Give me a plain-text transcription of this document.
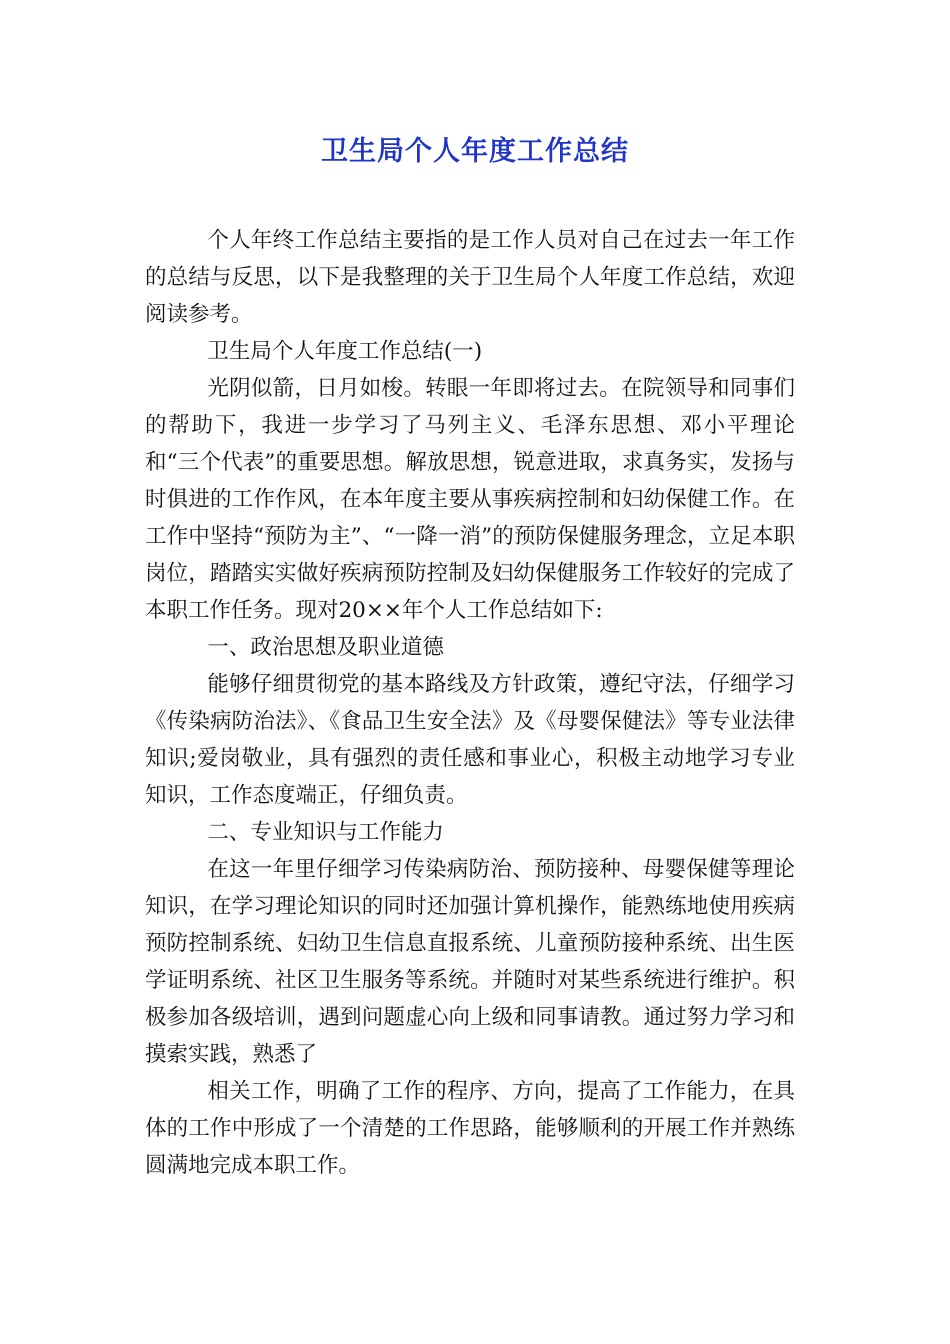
卫生局个人年度工作总结

个人年终工作总结主要指的是工作人员对自己在过去一年工作的总结与反思，以下是我整理的关于卫生局个人年度工作总结，欢迎阅读参考。

卫生局个人年度工作总结(一)

光阴似箭，日月如梭。转眼一年即将过去。在院领导和同事们的帮助下，我进一步学习了马列主义、毛泽东思想、邓小平理论和“三个代表”的重要思想。解放思想，锐意进取，求真务实，发扬与时俱进的工作作风，在本年度主要从事疾病控制和妇幼保健工作。在工作中坚持“预防为主”、“一降一消”的预防保健服务理念，立足本职岗位，踏踏实实做好疾病预防控制及妇幼保健服务工作较好的完成了本职工作任务。现对20××年个人工作总结如下:

一、政治思想及职业道德

能够仔细贯彻党的基本路线及方针政策，遵纪守法，仔细学习《传染病防治法》、《食品卫生安全法》及《母婴保健法》等专业法律知识;爱岗敬业，具有强烈的责任感和事业心，积极主动地学习专业知识，工作态度端正，仔细负责。

二、专业知识与工作能力

在这一年里仔细学习传染病防治、预防接种、母婴保健等理论知识，在学习理论知识的同时还加强计算机操作，能熟练地使用疾病预防控制系统、妇幼卫生信息直报系统、儿童预防接种系统、出生医学证明系统、社区卫生服务等系统。并随时对某些系统进行维护。积极参加各级培训，遇到问题虚心向上级和同事请教。通过努力学习和摸索实践，熟悉了

相关工作，明确了工作的程序、方向，提高了工作能力，在具体的工作中形成了一个清楚的工作思路，能够顺利的开展工作并熟练圆满地完成本职工作。
